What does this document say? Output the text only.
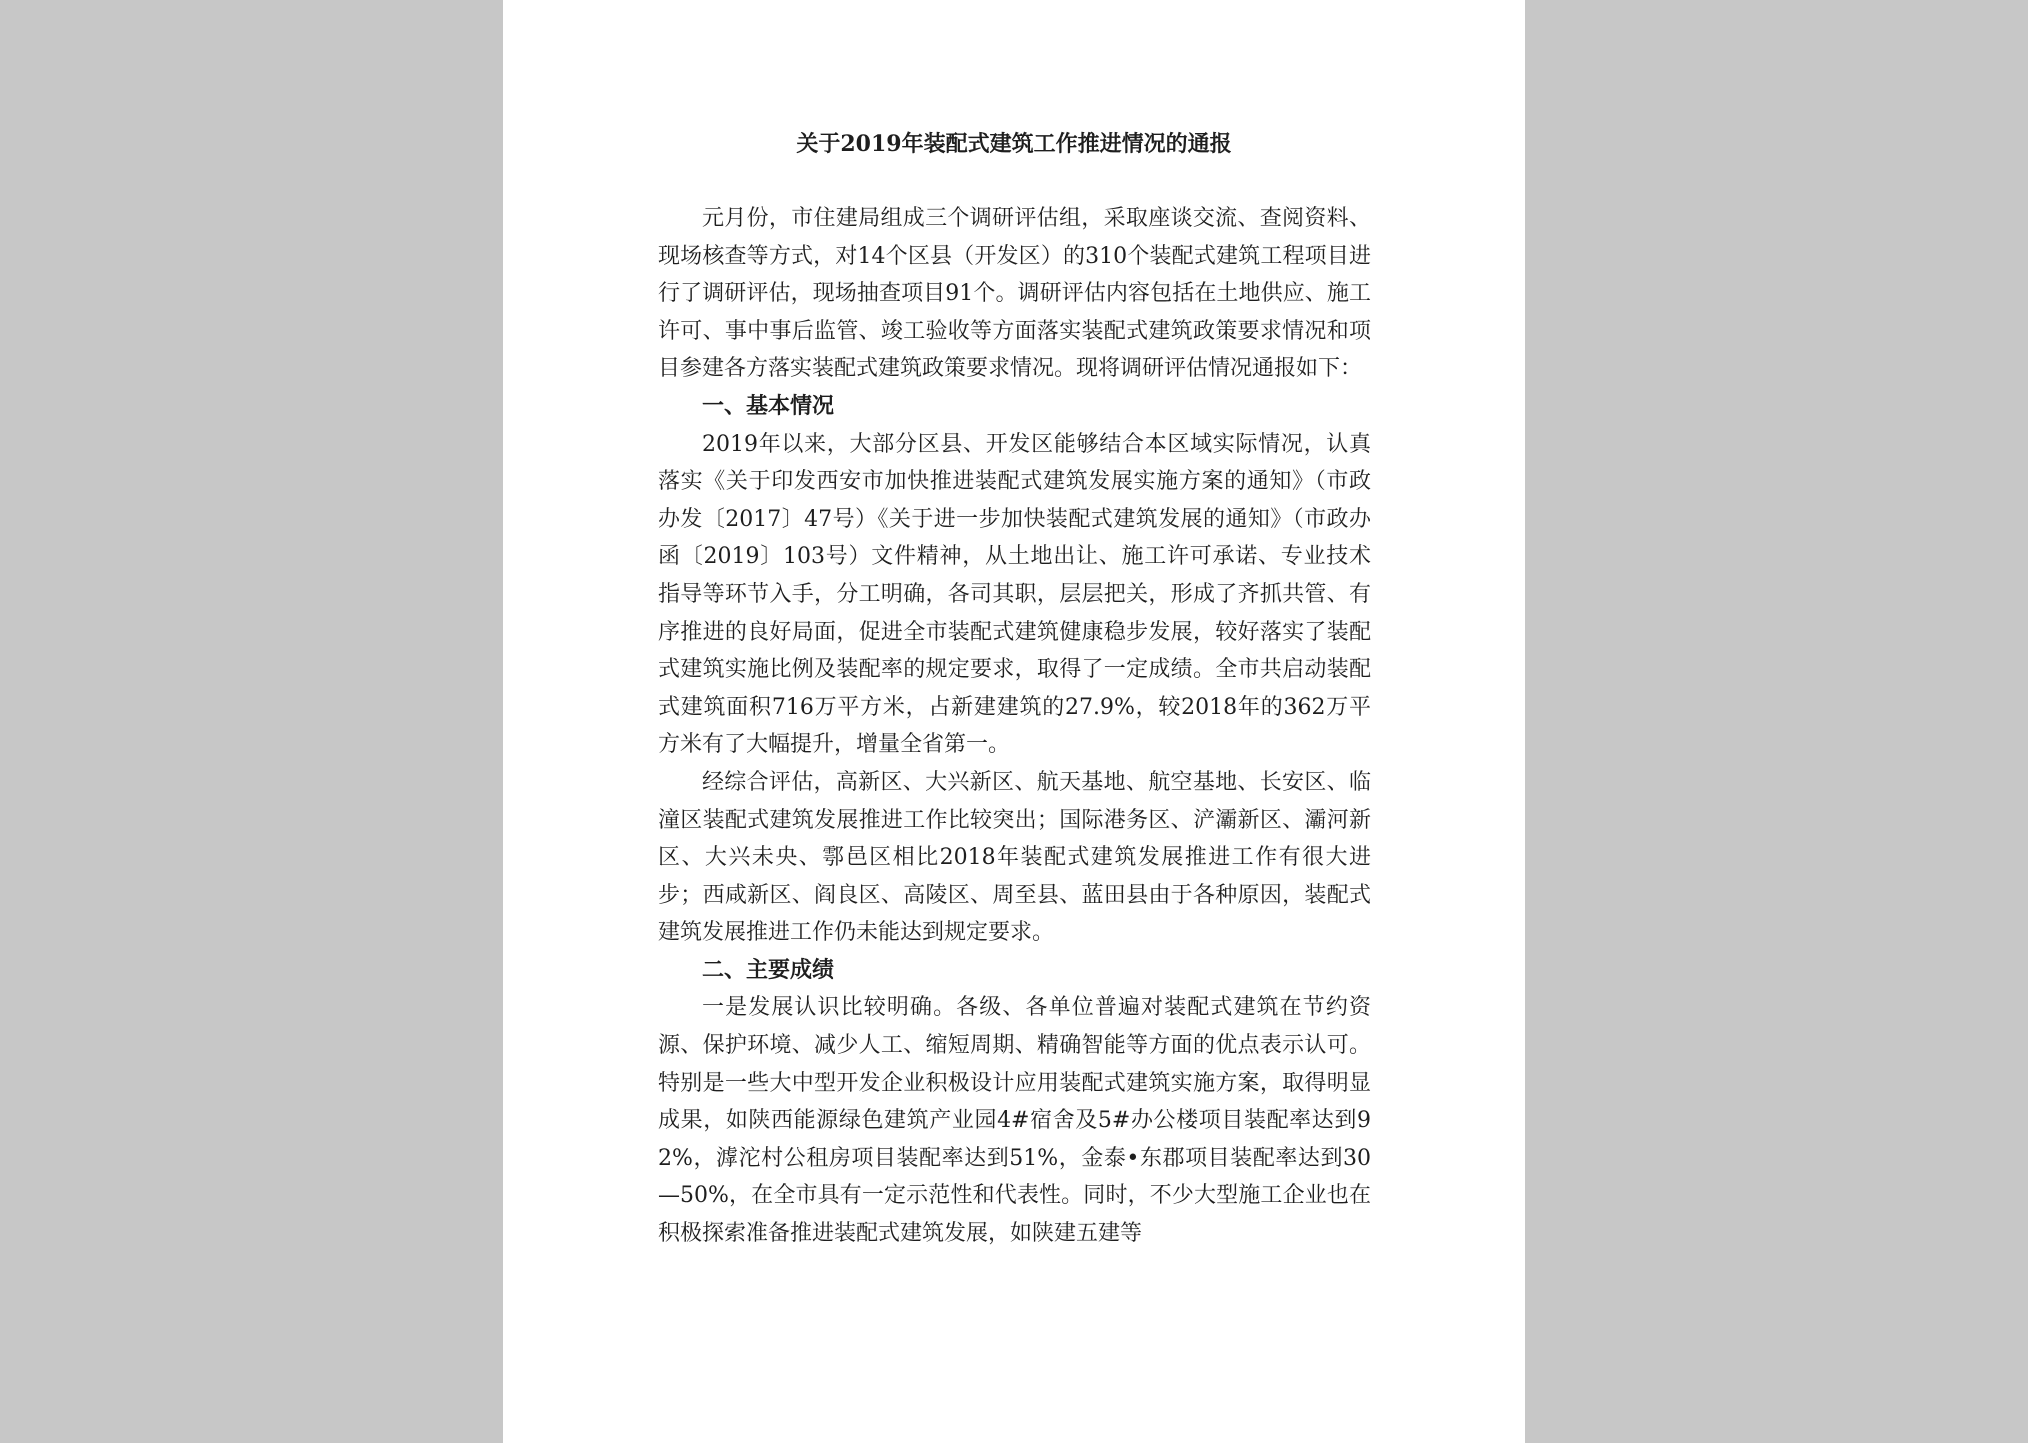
关于2019年装配式建筑工作推进情况的通报

元月份，市住建局组成三个调研评估组，采取座谈交流、查阅资料、现场核查等方式，对14个区县（开发区）的310个装配式建筑工程项目进行了调研评估，现场抽查项目91个。调研评估内容包括在土地供应、施工许可、事中事后监管、竣工验收等方面落实装配式建筑政策要求情况和项目参建各方落实装配式建筑政策要求情况。现将调研评估情况通报如下：

一、基本情况

2019年以来，大部分区县、开发区能够结合本区域实际情况，认真落实《关于印发西安市加快推进装配式建筑发展实施方案的通知》（市政办发〔2017〕47号）《关于进一步加快装配式建筑发展的通知》（市政办函〔2019〕103号）文件精神，从土地出让、施工许可承诺、专业技术指导等环节入手，分工明确，各司其职，层层把关，形成了齐抓共管、有序推进的良好局面，促进全市装配式建筑健康稳步发展，较好落实了装配式建筑实施比例及装配率的规定要求，取得了一定成绩。全市共启动装配式建筑面积716万平方米，占新建建筑的27.9%，较2018年的362万平方米有了大幅提升，增量全省第一。

经综合评估，高新区、大兴新区、航天基地、航空基地、长安区、临潼区装配式建筑发展推进工作比较突出；国际港务区、浐灞新区、灞河新区、大兴未央、鄠邑区相比2018年装配式建筑发展推进工作有很大进步；西咸新区、阎良区、高陵区、周至县、蓝田县由于各种原因，装配式建筑发展推进工作仍未能达到规定要求。

二、主要成绩

一是发展认识比较明确。各级、各单位普遍对装配式建筑在节约资源、保护环境、减少人工、缩短周期、精确智能等方面的优点表示认可。特别是一些大中型开发企业积极设计应用装配式建筑实施方案，取得明显成果，如陕西能源绿色建筑产业园4#宿舍及5#办公楼项目装配率达到92%，滹沱村公租房项目装配率达到51%，金泰•东郡项目装配率达到30—50%，在全市具有一定示范性和代表性。同时，不少大型施工企业也在积极探索准备推进装配式建筑发展，如陕建五建等
